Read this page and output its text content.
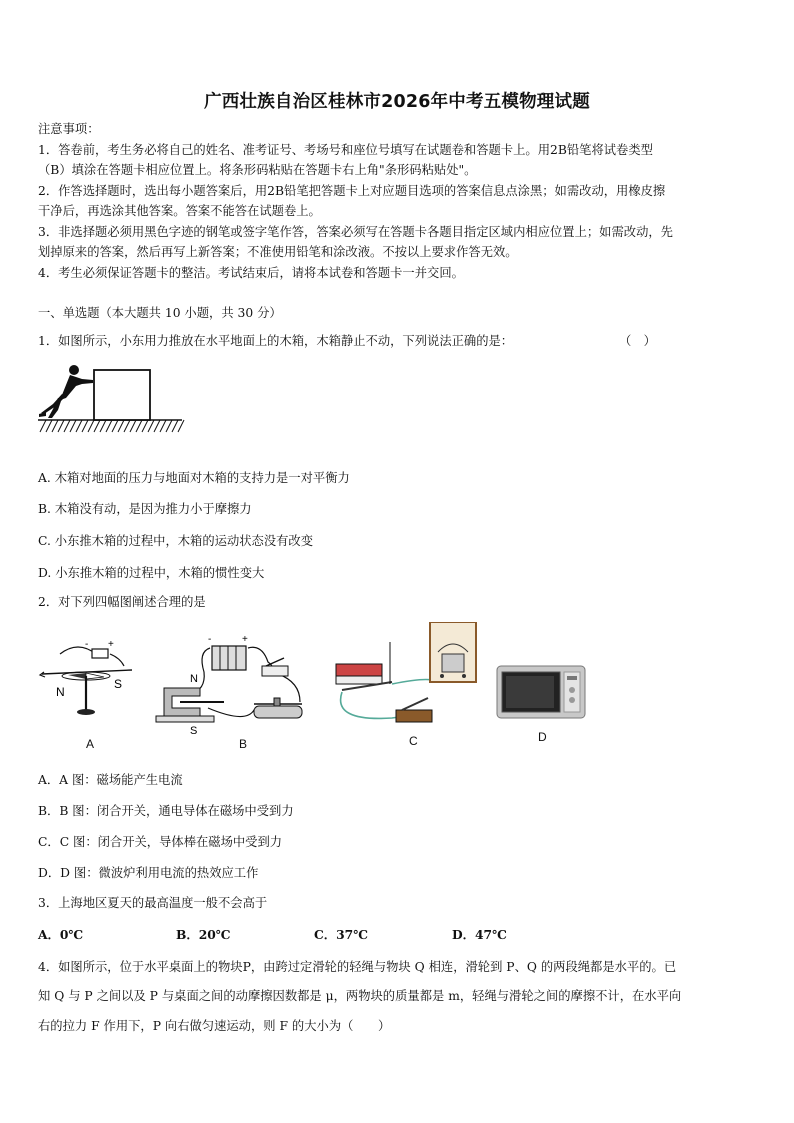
广西壮族自治区桂林市2026年中考五模物理试题
注意事项：
1．答卷前，考生务必将自己的姓名、准考证号、考场号和座位号填写在试题卷和答题卡上。用2B铅笔将试卷类型
（B）填涂在答题卡相应位置上。将条形码粘贴在答题卡右上角"条形码粘贴处"。
2．作答选择题时，选出每小题答案后，用2B铅笔把答题卡上对应题目选项的答案信息点涂黑；如需改动，用橡皮擦
干净后，再选涂其他答案。答案不能答在试题卷上。
3．非选择题必须用黑色字迹的钢笔或签字笔作答，答案必须写在答题卡各题目指定区域内相应位置上；如需改动，先
划掉原来的答案，然后再写上新答案；不准使用铅笔和涂改液。不按以上要求作答无效。
4．考生必须保证答题卡的整洁。考试结束后，请将本试卷和答题卡一并交回。
一、单选题（本大题共 10 小题，共 30 分）
1．如图所示，小东用力推放在水平地面上的木箱，木箱静止不动，下列说法正确的是：	（　）
A. 木箱对地面的压力与地面对木箱的支持力是一对平衡力
B. 木箱没有动，是因为推力小于摩擦力
C. 小东推木箱的过程中，木箱的运动状态没有改变
D. 小东推木箱的过程中，木箱的惯性变大
2．对下列四幅图阐述合理的是
- +
N
S
A
+
-
N
S
B	C	D
A．A 图：磁场能产生电流
B．B 图：闭合开关，通电导体在磁场中受到力
C．C 图：闭合开关，导体棒在磁场中受到力
D．D 图：微波炉利用电流的热效应工作
3．上海地区夏天的最高温度一般不会高于
A．0℃	B．20℃	C．37℃	D．47℃
4．如图所示，位于水平桌面上的物块P，由跨过定滑轮的轻绳与物块 Q 相连，滑轮到 P、Q 的两段绳都是水平的。已
知 Q 与 P 之间以及 P 与桌面之间的动摩擦因数都是 μ，两物块的质量都是 m，轻绳与滑轮之间的摩擦不计，在水平向
右的拉力 F 作用下，P 向右做匀速运动，则 F 的大小为（　　）
